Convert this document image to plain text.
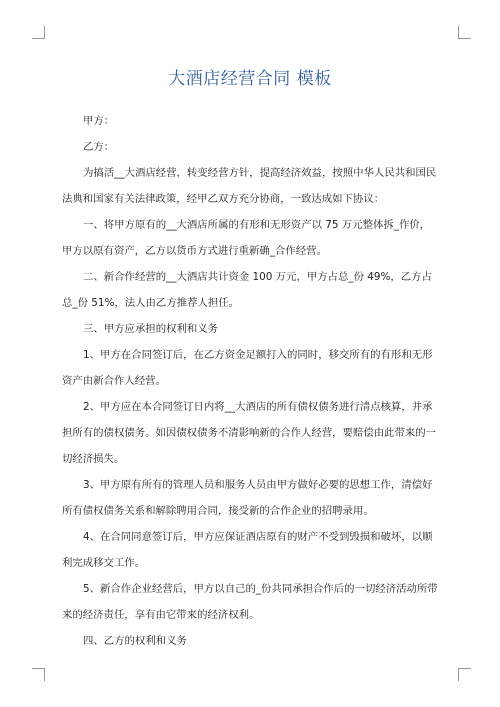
大酒店经营合同 模板

甲方：

乙方：

为搞活__大酒店经营，转变经营方针，提高经济效益，按照中华人民共和国民法典和国家有关法律政策，经甲乙双方充分协商，一致达成如下协议：

一、将甲方原有的__大酒店所属的有形和无形资产以 75 万元整体拆_作价，甲方以原有资产，乙方以货币方式进行重新确_合作经营。

二、新合作经营的__大酒店共计资金 100 万元，甲方占总_份 49%，乙方占总_份 51%，法人由乙方推荐人担任。

三、甲方应承担的权利和义务

1、甲方在合同签订后，在乙方资金足额打入的同时，移交所有的有形和无形资产由新合作人经营。

2、甲方应在本合同签订日内将__大酒店的所有债权债务进行清点核算，并承担所有的债权债务。如因债权债务不清影响新的合作人经营，要赔偿由此带来的一切经济损失。

3、甲方原有所有的管理人员和服务人员由甲方做好必要的思想工作，清偿好所有债权债务关系和解除聘用合同，接受新的合作企业的招聘录用。

4、在合同同意签订后，甲方应保证酒店原有的财产不受到毁损和破坏，以顺利完成移交工作。

5、新合作企业经营后，甲方以自己的_份共同承担合作后的一切经济活动所带来的经济责任，享有由它带来的经济权利。

四、乙方的权利和义务
